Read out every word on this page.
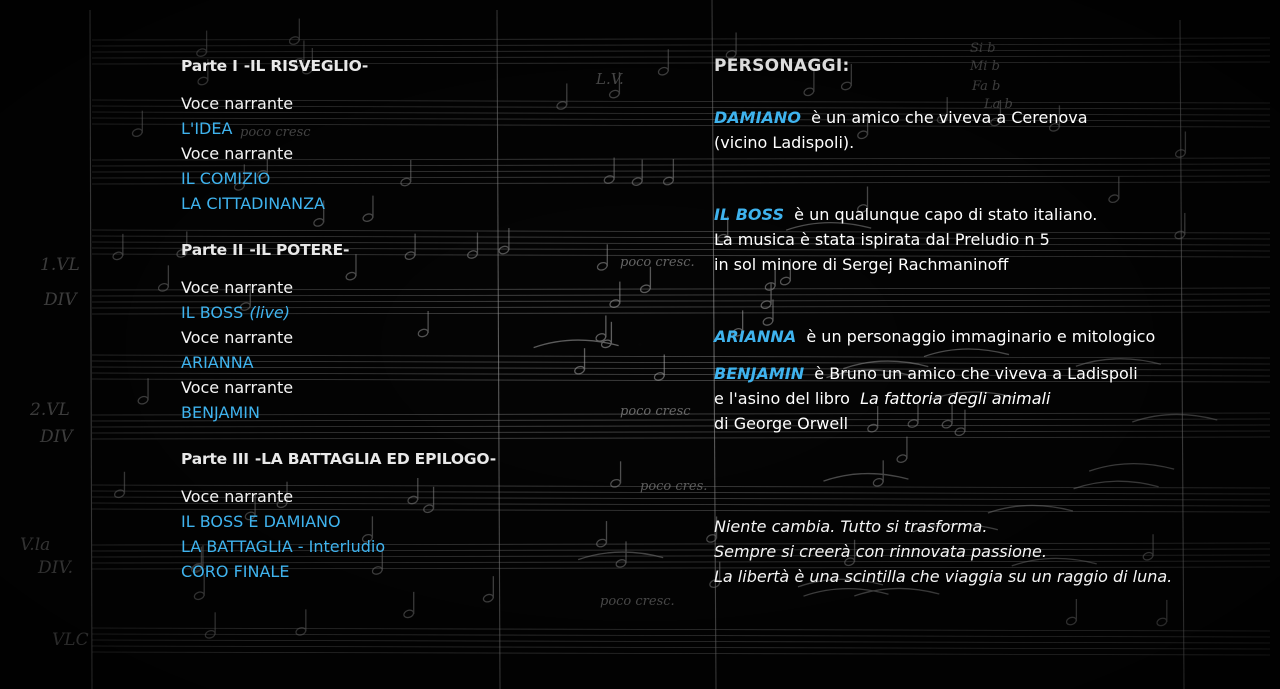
Parte I -IL RISVEGLIO-
Voce narrante
L'IDEA
Voce narrante
IL COMIZIO
LA CITTADINANZA
Parte II -IL POTERE-
Voce narrante
IL BOSS (live)
Voce narrante
ARIANNA
Voce narrante
BENJAMIN
Parte III -LA BATTAGLIA ED EPILOGO-
Voce narrante
IL BOSS E DAMIANO
LA BATTAGLIA - Interludio
CORO FINALE
PERSONAGGI:
DAMIANO è un amico che viveva a Cerenova
(vicino Ladispoli).
IL BOSS è un qualunque capo di stato italiano.
La musica è stata ispirata dal Preludio n 5
in sol minore di Sergej Rachmaninoff
ARIANNA è un personaggio immaginario e mitologico
BENJAMIN è Bruno un amico che viveva a Ladispoli
e l'asino del libro La fattoria degli animali
di George Orwell
Niente cambia. Tutto si trasforma.
Sempre si creerà con rinnovata passione.
La libertà è una scintilla che viaggia su un raggio di luna.
